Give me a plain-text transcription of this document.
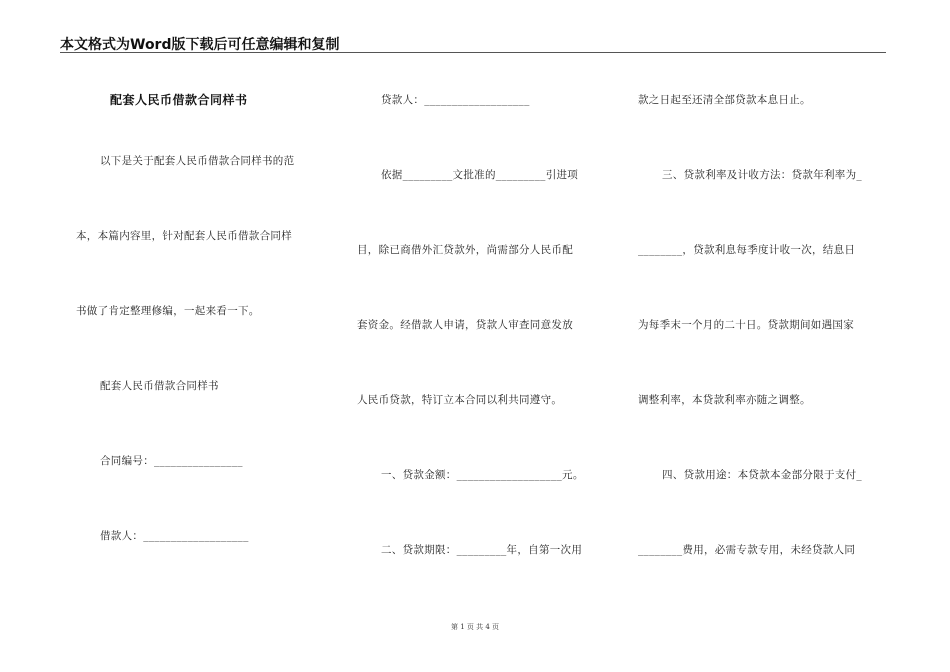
本文格式为Word版下载后可任意编辑和复制
配套人民币借款合同样书
以下是关于配套人民币借款合同样书的范
本，本篇内容里，针对配套人民币借款合同样
书做了肯定整理修编，一起来看一下。
配套人民币借款合同样书
合同编号：________________
借款人：___________________
贷款人：___________________
依据_________文批准的_________引进项
目，除已商借外汇贷款外，尚需部分人民币配
套资金。经借款人申请，贷款人审查同意发放
人民币贷款，特订立本合同以利共同遵守。
一、贷款金额：___________________元。
二、贷款期限：_________年，自第一次用
款之日起至还清全部贷款本息日止。
三、贷款利率及计收方法：贷款年利率为_
________，贷款利息每季度计收一次，结息日
为每季末一个月的二十日。贷款期间如遇国家
调整利率，本贷款利率亦随之调整。
四、贷款用途：本贷款本金部分限于支付_
________费用，必需专款专用，未经贷款人同
第 1 页 共 4 页
